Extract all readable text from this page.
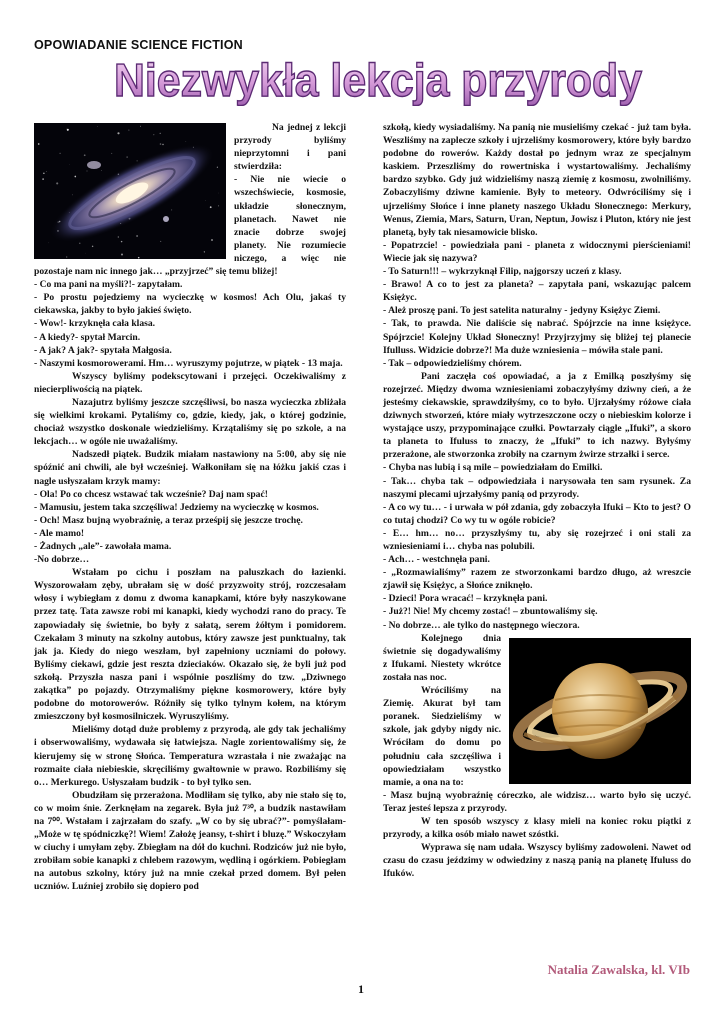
OPOWIADANIE SCIENCE FICTION
Niezwykła lekcja przyrody

Na jednej z lekcji przyrody byliśmy nieprzytomni i pani stwierdziła:

- Nie nie wiecie o wszechświecie, kosmosie, układzie słonecznym, planetach. Nawet nie znacie dobrze swojej planety. Nie rozumiecie niczego, a więc nie pozostaje nam nic innego jak… „przyjrzeć” się temu bliżej!

- Co ma pani na myśli?!- zapytałam.

- Po prostu pojedziemy na wycieczkę w kosmos! Ach Olu, jakaś ty ciekawska, jakby to było jakieś święto.

- Wow!- krzyknęła cała klasa.

- A kiedy?- spytał Marcin.

- A jak? A jak?- spytała Małgosia.

- Naszymi kosmorowerami. Hm… wyruszymy pojutrze, w piątek - 13 maja.

Wszyscy byliśmy podekscytowani i przejęci. Oczekiwaliśmy z niecierpliwością na piątek.

Nazajutrz byliśmy jeszcze szczęśliwsi, bo nasza wycieczka zbliżała się wielkimi krokami. Pytaliśmy co, gdzie, kiedy, jak, o której godzinie, chociaż wszystko doskonale wiedzieliśmy. Krzątaliśmy się po szkole, a na lekcjach… w ogóle nie uważaliśmy.

Nadszedł piątek. Budzik miałam nastawiony na 5:00, aby się nie spóźnić ani chwili, ale był wcześniej. Wałkoniłam się na łóżku jakiś czas i nagle usłyszałam krzyk mamy:

- Ola! Po co chcesz wstawać tak wcześnie? Daj nam spać!

- Mamusiu, jestem taka szczęśliwa! Jedziemy na wycieczkę w kosmos.

- Och! Masz bujną wyobraźnię, a teraz prześpij się jeszcze trochę.

- Ale mamo!

- Żadnych „ale”- zawołała mama.

-No dobrze…

Wstałam po cichu i poszłam na paluszkach do łazienki. Wyszorowałam zęby, ubrałam się w dość przyzwoity strój, rozczesałam włosy i wybiegłam z domu z dwoma kanapkami, które były naszykowane przez tatę. Tata zawsze robi mi kanapki, kiedy wychodzi rano do pracy. Te zapowiadały się świetnie, bo były z sałatą, serem żółtym i pomidorem. Czekałam 3 minuty na szkolny autobus, który zawsze jest punktualny, tak jak ja. Kiedy do niego weszłam, był zapełniony uczniami do połowy. Byliśmy ciekawi, gdzie jest reszta dzieciaków. Okazało się, że byli już pod szkołą. Przyszła nasza pani i wspólnie poszliśmy do tzw. „Dziwnego zakątka” po pojazdy. Otrzymaliśmy piękne kosmorowery, które były podobne do motorowerów. Różniły się tylko tylnym kołem, na którym zmieszczony był kosmosilniczek. Wyruszyliśmy.

Mieliśmy dotąd duże problemy z przyrodą, ale gdy tak jechaliśmy i obserwowaliśmy, wydawała się łatwiejsza. Nagle zorientowaliśmy się, że kierujemy się w stronę Słońca. Temperatura wzrastała i nie zważając na rozmaite ciała niebieskie, skręciliśmy gwałtownie w prawo. Rozbiliśmy się o… Merkurego. Usłyszałam budzik - to był tylko sen.

Obudziłam się przerażona. Modliłam się tylko, aby nie stało się to, co w moim śnie. Zerknęłam na zegarek. Była już 7³⁰, a budzik nastawiłam na 7⁰⁰. Wstałam i zajrzałam do szafy. „W co by się ubrać?”- pomyślałam- „Może w tę spódniczkę?! Wiem! Założę jeansy, t-shirt i bluzę.” Wskoczyłam w ciuchy i umyłam zęby. Zbiegłam na dół do kuchni. Rodziców już nie było, zrobiłam sobie kanapki z chlebem razowym, wędliną i ogórkiem. Pobiegłam na autobus szkolny, który już na mnie czekał przed domem. Był pełen uczniów. Luźniej zrobiło się dopiero pod

szkołą, kiedy wysiadaliśmy. Na panią nie musieliśmy czekać - już tam była. Weszliśmy na zaplecze szkoły i ujrzeliśmy kosmorowery, które były bardzo podobne do rowerów. Każdy dostał po jednym wraz ze specjalnym kaskiem. Przeszliśmy do rowertniska i wystartowaliśmy. Jechaliśmy bardzo szybko. Gdy już widzieliśmy naszą ziemię z kosmosu, zwolniliśmy. Zobaczyliśmy dziwne kamienie. Były to meteory. Odwróciliśmy się i ujrzeliśmy Słońce i inne planety naszego Układu Słonecznego: Merkury, Wenus, Ziemia, Mars, Saturn, Uran, Neptun, Jowisz i Pluton, który nie jest planetą, były tak niesamowicie blisko.

- Popatrzcie! - powiedziała pani - planeta z widocznymi pierścieniami! Wiecie jak się nazywa?

- To Saturn!!! – wykrzyknął Filip, najgorszy uczeń z klasy.

- Brawo! A co to jest za planeta? – zapytała pani, wskazując palcem Księżyc.

- Ależ proszę pani. To jest satelita naturalny - jedyny Księżyc Ziemi.

- Tak, to prawda. Nie daliście się nabrać. Spójrzcie na inne księżyce. Spójrzcie! Kolejny Układ Słoneczny! Przyjrzyjmy się bliżej tej planecie Ifulluss. Widzicie dobrze?! Ma duże wzniesienia – mówiła stale pani.

- Tak – odpowiedzieliśmy chórem.

Pani zaczęła coś opowiadać, a ja z Emilką poszłyśmy się rozejrzeć. Między dwoma wzniesieniami zobaczyłyśmy dziwny cień, a że jesteśmy ciekawskie, sprawdziłyśmy, co to było. Ujrzałyśmy różowe ciała dziwnych stworzeń, które miały wytrzeszczone oczy o niebieskim kolorze i wystające uszy, przypominające czułki. Powtarzały ciągle „Ifuki”, a skoro ta planeta to Ifuluss to znaczy, że „Ifuki” to ich nazwy. Byłyśmy przerażone, ale stworzonka zrobiły na czarnym żwirze strzałki i serce.

- Chyba nas lubią i są mile – powiedziałam do Emilki.

- Tak… chyba tak – odpowiedziała i narysowała ten sam rysunek. Za naszymi plecami ujrzałyśmy panią od przyrody.

- A co wy tu… - i urwała w pół zdania, gdy zobaczyła Ifuki – Kto to jest? O co tutaj chodzi? Co wy tu w ogóle robicie?

- E… hm… no… przyszłyśmy tu, aby się rozejrzeć i oni stali za wzniesieniami i… chyba nas polubili.

- Ach… - westchnęła pani.

- „Rozmawialiśmy” razem ze stworzonkami bardzo długo, aż wreszcie zjawił się Księżyc, a Słońce zniknęło.

- Dzieci! Pora wracać! – krzyknęła pani.

- Już?! Nie! My chcemy zostać! – zbuntowaliśmy się.

- No dobrze… ale tylko do następnego wieczora.

Kolejnego dnia świetnie się dogadywaliśmy z Ifukami. Niestety wkrótce została nas noc.

Wróciliśmy na Ziemię. Akurat był tam poranek. Siedzieliśmy w szkole, jak gdyby nigdy nic. Wróciłam do domu po południu cała szczęśliwa i opowiedziałam wszystko mamie, a ona na to:

- Masz bujną wyobraźnię córeczko, ale widzisz… warto było się uczyć. Teraz jesteś lepsza z przyrody.

W ten sposób wszyscy z klasy mieli na koniec roku piątki z przyrody, a kilka osób miało nawet szóstki.

Wyprawa się nam udała. Wszyscy byliśmy zadowoleni. Nawet od czasu do czasu jeździmy w odwiedziny z naszą panią na planetę Ifuluss do Ifuków.

Natalia Zawalska, kl. VIb
1
